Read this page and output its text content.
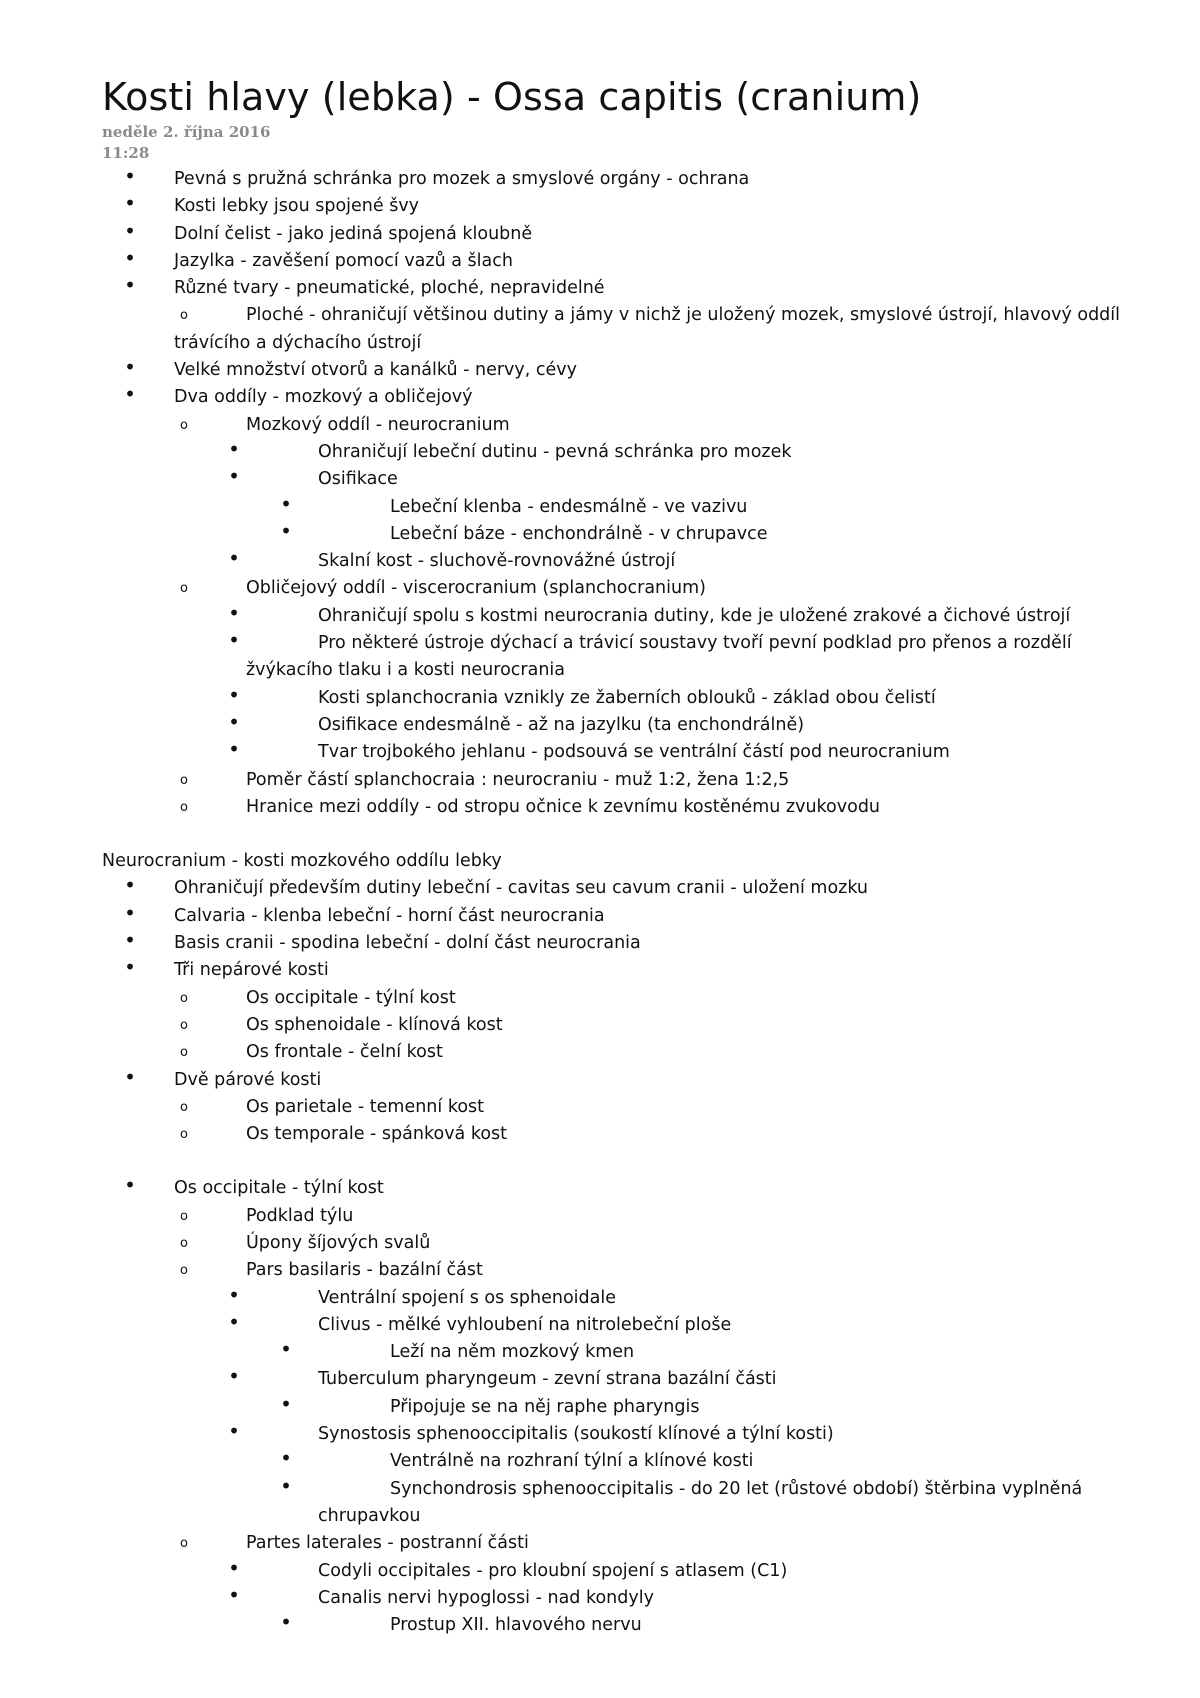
Kosti hlavy (lebka) - Ossa capitis (cranium)
neděle 2. října 2016
11:28
•	Pevná s pružná schránka pro mozek a smyslové orgány - ochrana
•	Kosti lebky jsou spojené švy
•	Dolní čelist - jako jediná spojená kloubně
•	Jazylka - zavěšení pomocí vazů a šlach
•	Různé tvary - pneumatické, ploché, nepravidelné
o	Ploché - ohraničují většinou dutiny a jámy v nichž je uložený mozek, smyslové ústrojí, hlavový oddíl trávícího a dýchacího ústrojí
•	Velké množství otvorů a kanálků - nervy, cévy
•	Dva oddíly - mozkový a obličejový
o	Mozkový oddíl - neurocranium
•	Ohraničují lebeční dutinu - pevná schránka pro mozek
•	Osifikace
•	Lebeční klenba - endesmálně - ve vazivu
•	Lebeční báze - enchondrálně - v chrupavce
•	Skalní kost - sluchově-rovnovážné ústrojí
o	Obličejový oddíl - viscerocranium (splanchocranium)
•	Ohraničují spolu s kostmi neurocrania dutiny, kde je uložené zrakové a čichové ústrojí
•	Pro některé ústroje dýchací a trávicí soustavy tvoří pevní podklad pro přenos a rozdělí žvýkacího tlaku i a kosti neurocrania
•	Kosti splanchocrania vznikly ze žaberních oblouků - základ obou čelistí
•	Osifikace endesmálně - až na jazylku (ta enchondrálně)
•	Tvar trojbokého jehlanu - podsouvá se ventrální částí pod neurocranium
o	Poměr částí splanchocraia : neurocraniu - muž 1:2, žena 1:2,5
o	Hranice mezi oddíly - od stropu očnice k zevnímu kostěnému zvukovodu
Neurocranium - kosti mozkového oddílu lebky
•	Ohraničují především dutiny lebeční - cavitas seu cavum cranii - uložení mozku
•	Calvaria - klenba lebeční - horní část neurocrania
•	Basis cranii - spodina lebeční - dolní část neurocrania
•	Tři nepárové kosti
o	Os occipitale - týlní kost
o	Os sphenoidale - klínová kost
o	Os frontale - čelní kost
•	Dvě párové kosti
o	Os parietale - temenní kost
o	Os temporale - spánková kost
•	Os occipitale - týlní kost
o	Podklad týlu
o	Úpony šíjových svalů
o	Pars basilaris - bazální část
•	Ventrální spojení s os sphenoidale
•	Clivus - mělké vyhloubení na nitrolebeční ploše
•	Leží na něm mozkový kmen
•	Tuberculum pharyngeum - zevní strana bazální části
•	Připojuje se na něj raphe pharyngis
•	Synostosis sphenooccipitalis (soukostí klínové a týlní kosti)
•	Ventrálně na rozhraní týlní a klínové kosti
•	Synchondrosis sphenooccipitalis - do 20 let (růstové období) štěrbina vyplněná chrupavkou
o	Partes laterales - postranní části
•	Codyli occipitales - pro kloubní spojení s atlasem (C1)
•	Canalis nervi hypoglossi - nad kondyly
•	Prostup XII. hlavového nervu
